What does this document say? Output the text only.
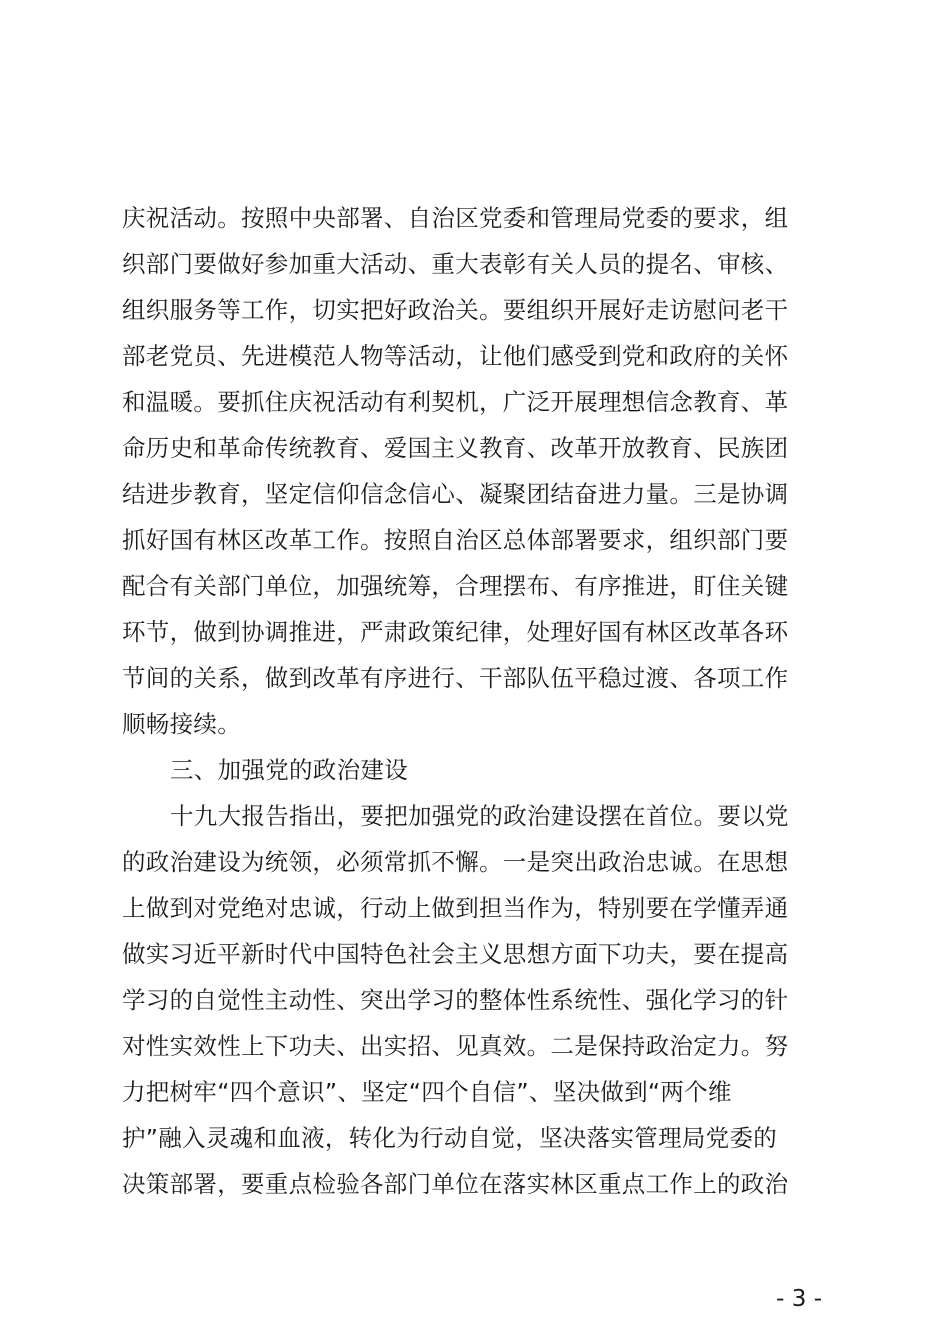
庆祝活动。按照中央部署、自治区党委和管理局党委的要求，组
织部门要做好参加重大活动、重大表彰有关人员的提名、审核、
组织服务等工作，切实把好政治关。要组织开展好走访慰问老干
部老党员、先进模范人物等活动，让他们感受到党和政府的关怀
和温暖。要抓住庆祝活动有利契机，广泛开展理想信念教育、革
命历史和革命传统教育、爱国主义教育、改革开放教育、民族团
结进步教育，坚定信仰信念信心、凝聚团结奋进力量。三是协调
抓好国有林区改革工作。按照自治区总体部署要求，组织部门要
配合有关部门单位，加强统筹，合理摆布、有序推进，盯住关键
环节，做到协调推进，严肃政策纪律，处理好国有林区改革各环
节间的关系，做到改革有序进行、干部队伍平稳过渡、各项工作
顺畅接续。
三、加强党的政治建设
十九大报告指出，要把加强党的政治建设摆在首位。要以党
的政治建设为统领，必须常抓不懈。一是突出政治忠诚。在思想
上做到对党绝对忠诚，行动上做到担当作为，特别要在学懂弄通
做实习近平新时代中国特色社会主义思想方面下功夫，要在提高
学习的自觉性主动性、突出学习的整体性系统性、强化学习的针
对性实效性上下功夫、出实招、见真效。二是保持政治定力。努
力把树牢“四个意识”、坚定“四个自信”、坚决做到“两个维
护”融入灵魂和血液，转化为行动自觉，坚决落实管理局党委的
决策部署，要重点检验各部门单位在落实林区重点工作上的政治
- 3 -
